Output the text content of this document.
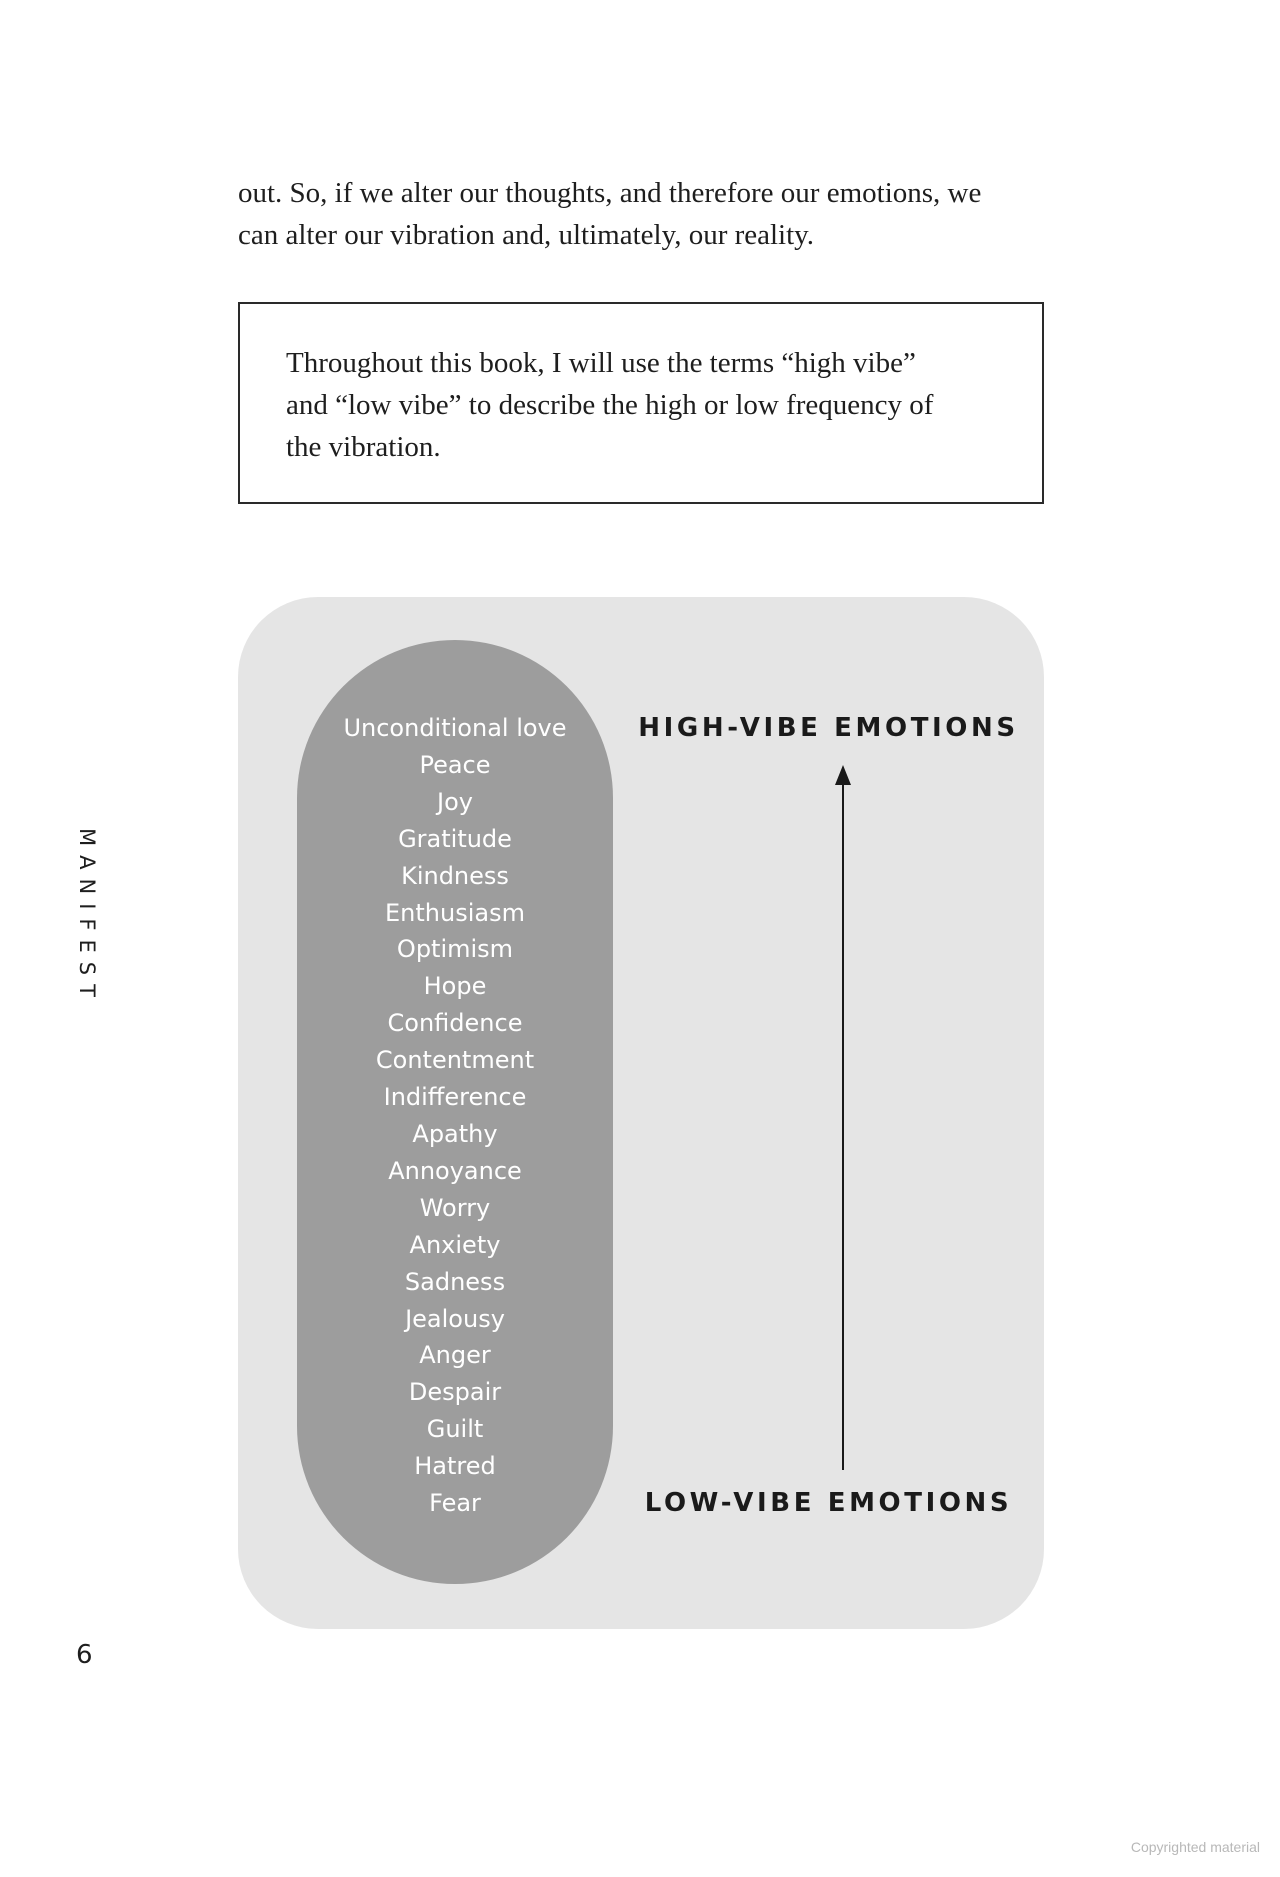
out. So, if we alter our thoughts, and therefore our emotions, we
can alter our vibration and, ultimately, our reality.
Throughout this book, I will use the terms “high vibe”
and “low vibe” to describe the high or low frequency of
the vibration.
Unconditional love
Peace
Joy
Gratitude
Kindness
Enthusiasm
Optimism
Hope
Confidence
Contentment
Indifference
Apathy
Annoyance
Worry
Anxiety
Sadness
Jealousy
Anger
Despair
Guilt
Hatred
Fear
HIGH-VIBE EMOTIONS
LOW-VIBE EMOTIONS
MANIFEST
6
Copyrighted material
